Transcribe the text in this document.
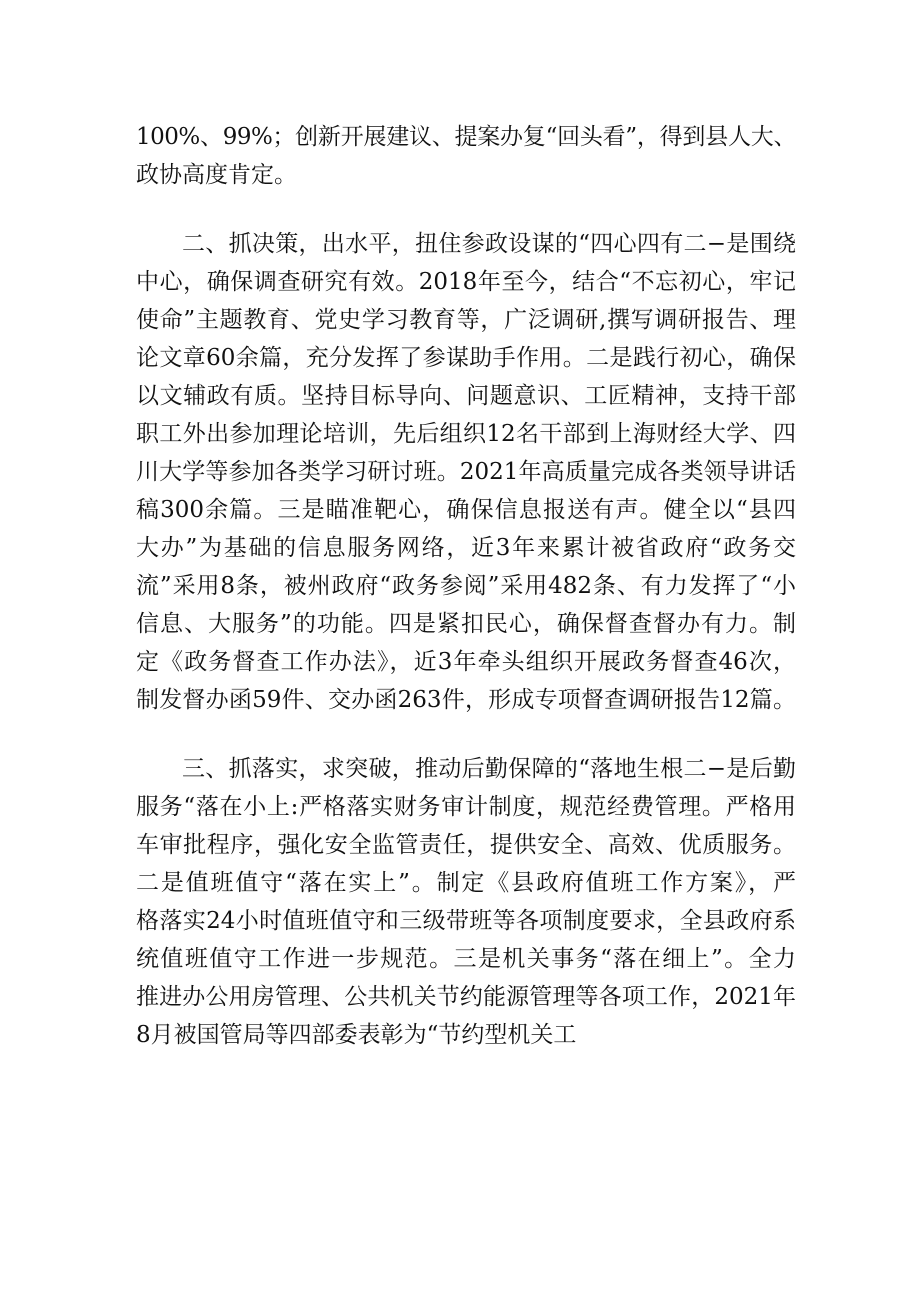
100%、99%；创新开展建议、提案办复“回头看”，得到县人大、
政协高度肯定。
二、抓决策，出水平，扭住参政设谋的“四心四有二−是围绕
中心，确保调查研究有效。2018年至今，结合“不忘初心，牢记
使命”主题教育、党史学习教育等，广泛调研,撰写调研报告、理
论文章60余篇，充分发挥了参谋助手作用。二是践行初心，确保
以文辅政有质。坚持目标导向、问题意识、工匠精神，支持干部
职工外出参加理论培训，先后组织12名干部到上海财经大学、四
川大学等参加各类学习研讨班。2021年高质量完成各类领导讲话
稿300余篇。三是瞄准靶心，确保信息报送有声。健全以“县四
大办”为基础的信息服务网络，近3年来累计被省政府“政务交
流”采用8条，被州政府“政务参阅”采用482条、有力发挥了“小
信息、大服务”的功能。四是紧扣民心，确保督查督办有力。制
定《政务督查工作办法》，近3年牵头组织开展政务督查46次，
制发督办函59件、交办函263件，形成专项督查调研报告12篇。
三、抓落实，求突破，推动后勤保障的“落地生根二−是后勤
服务“落在小上:严格落实财务审计制度，规范经费管理。严格用
车审批程序，强化安全监管责任，提供安全、高效、优质服务。
二是值班值守“落在实上”。制定《县政府值班工作方案》，严
格落实24小时值班值守和三级带班等各项制度要求，全县政府系
统值班值守工作进一步规范。三是机关事务“落在细上”。全力
推进办公用房管理、公共机关节约能源管理等各项工作，2021年
8月被国管局等四部委表彰为“节约型机关工
